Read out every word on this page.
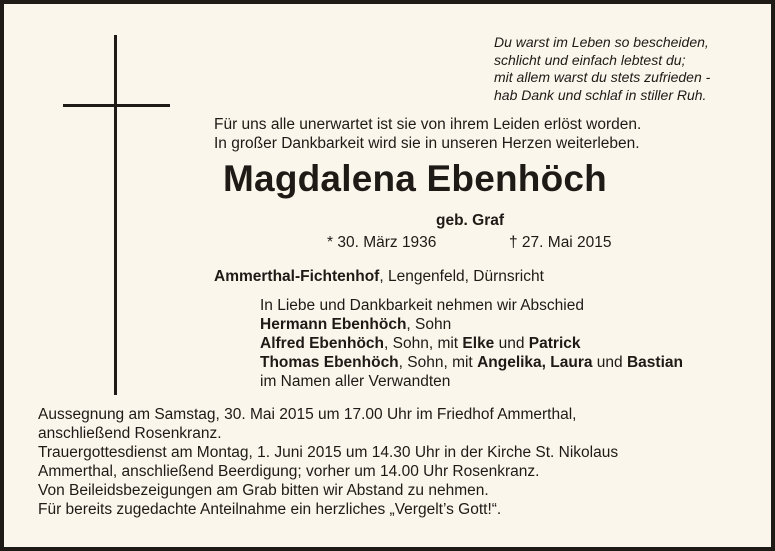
Du warst im Leben so bescheiden,
schlicht und einfach lebtest du;
mit allem warst du stets zufrieden -
hab Dank und schlaf in stiller Ruh.
Für uns alle unerwartet ist sie von ihrem Leiden erlöst worden.
In großer Dankbarkeit wird sie in unseren Herzen weiterleben.
Magdalena Ebenhöch
geb. Graf
* 30. März 1936	† 27. Mai 2015
Ammerthal-Fichtenhof, Lengenfeld, Dürnsricht
In Liebe und Dankbarkeit nehmen wir Abschied
Hermann Ebenhöch, Sohn
Alfred Ebenhöch, Sohn, mit Elke und Patrick
Thomas Ebenhöch, Sohn, mit Angelika, Laura und Bastian
im Namen aller Verwandten
Aussegnung am Samstag, 30. Mai 2015 um 17.00 Uhr im Friedhof Ammerthal,
anschließend Rosenkranz.
Trauergottesdienst am Montag, 1. Juni 2015 um 14.30 Uhr in der Kirche St. Nikolaus
Ammerthal, anschließend Beerdigung; vorher um 14.00 Uhr Rosenkranz.
Von Beileidsbezeigungen am Grab bitten wir Abstand zu nehmen.
Für bereits zugedachte Anteilnahme ein herzliches „Vergelt’s Gott!“.
